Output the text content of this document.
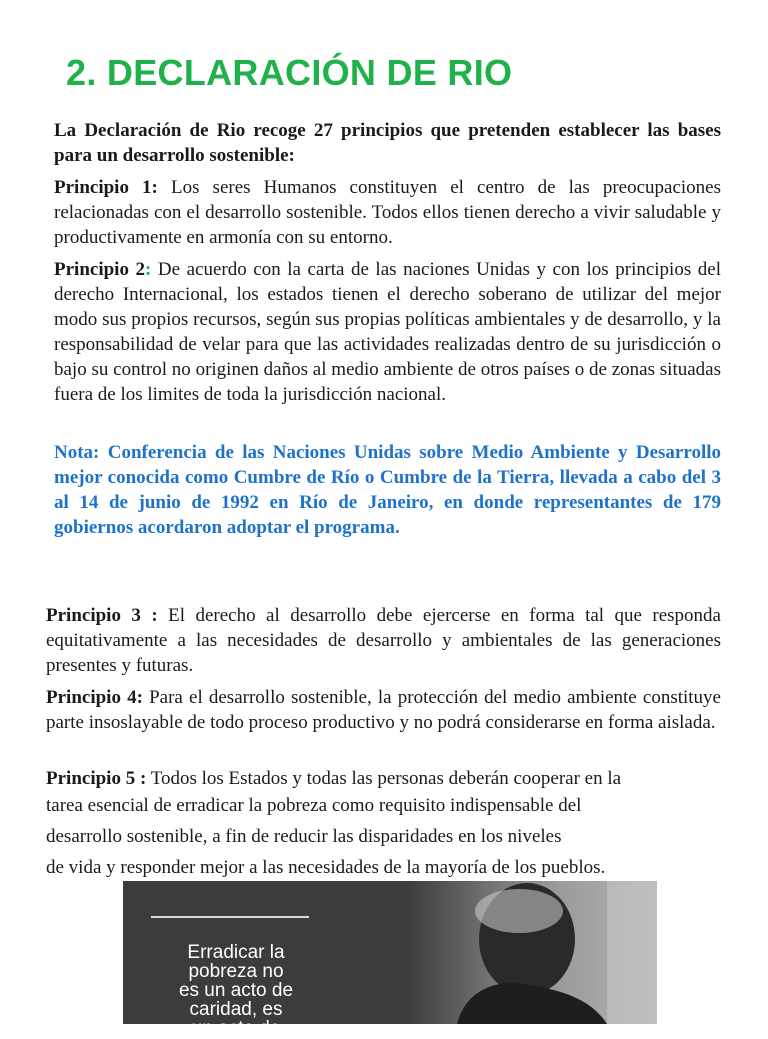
2. DECLARACIÓN DE RIO

La Declaración de Rio recoge 27 principios que pretenden establecer las bases para un desarrollo sostenible:

Principio 1: Los seres Humanos constituyen el centro de las preocupaciones relacionadas con el desarrollo sostenible. Todos ellos tienen derecho a vivir saludable y productivamente en armonía con su entorno.

Principio 2: De acuerdo con la carta de las naciones Unidas y con los principios del derecho Internacional, los estados tienen el derecho soberano de utilizar del mejor modo sus propios recursos, según sus propias políticas ambientales y de desarrollo, y la responsabilidad de velar para que las actividades realizadas dentro de su jurisdicción o bajo su control no originen daños al medio ambiente de otros países o de zonas situadas fuera de los limites de toda la jurisdicción nacional.

Nota: Conferencia de las Naciones Unidas sobre Medio Ambiente y Desarrollo mejor conocida como Cumbre de Río o Cumbre de la Tierra, llevada a cabo del 3 al 14 de junio de 1992 en Río de Janeiro, en donde representantes de 179 gobiernos acordaron adoptar el programa.

Principio 3 : El derecho al desarrollo debe ejercerse en forma tal que responda equitativamente a las necesidades de desarrollo y ambientales de las generaciones presentes y futuras.

Principio 4: Para el desarrollo sostenible, la protección del medio ambiente constituye parte insoslayable de todo proceso productivo y no podrá considerarse en forma aislada.

Principio 5 : Todos los Estados y todas las personas deberán cooperar en la
tarea esencial de erradicar la pobreza como requisito indispensable del
desarrollo sostenible, a fin de reducir las disparidades en los niveles
de vida y responder mejor a las necesidades de la mayoría de los pueblos.
Erradicar la
pobreza no
es un acto de
caridad, es
un acto de
